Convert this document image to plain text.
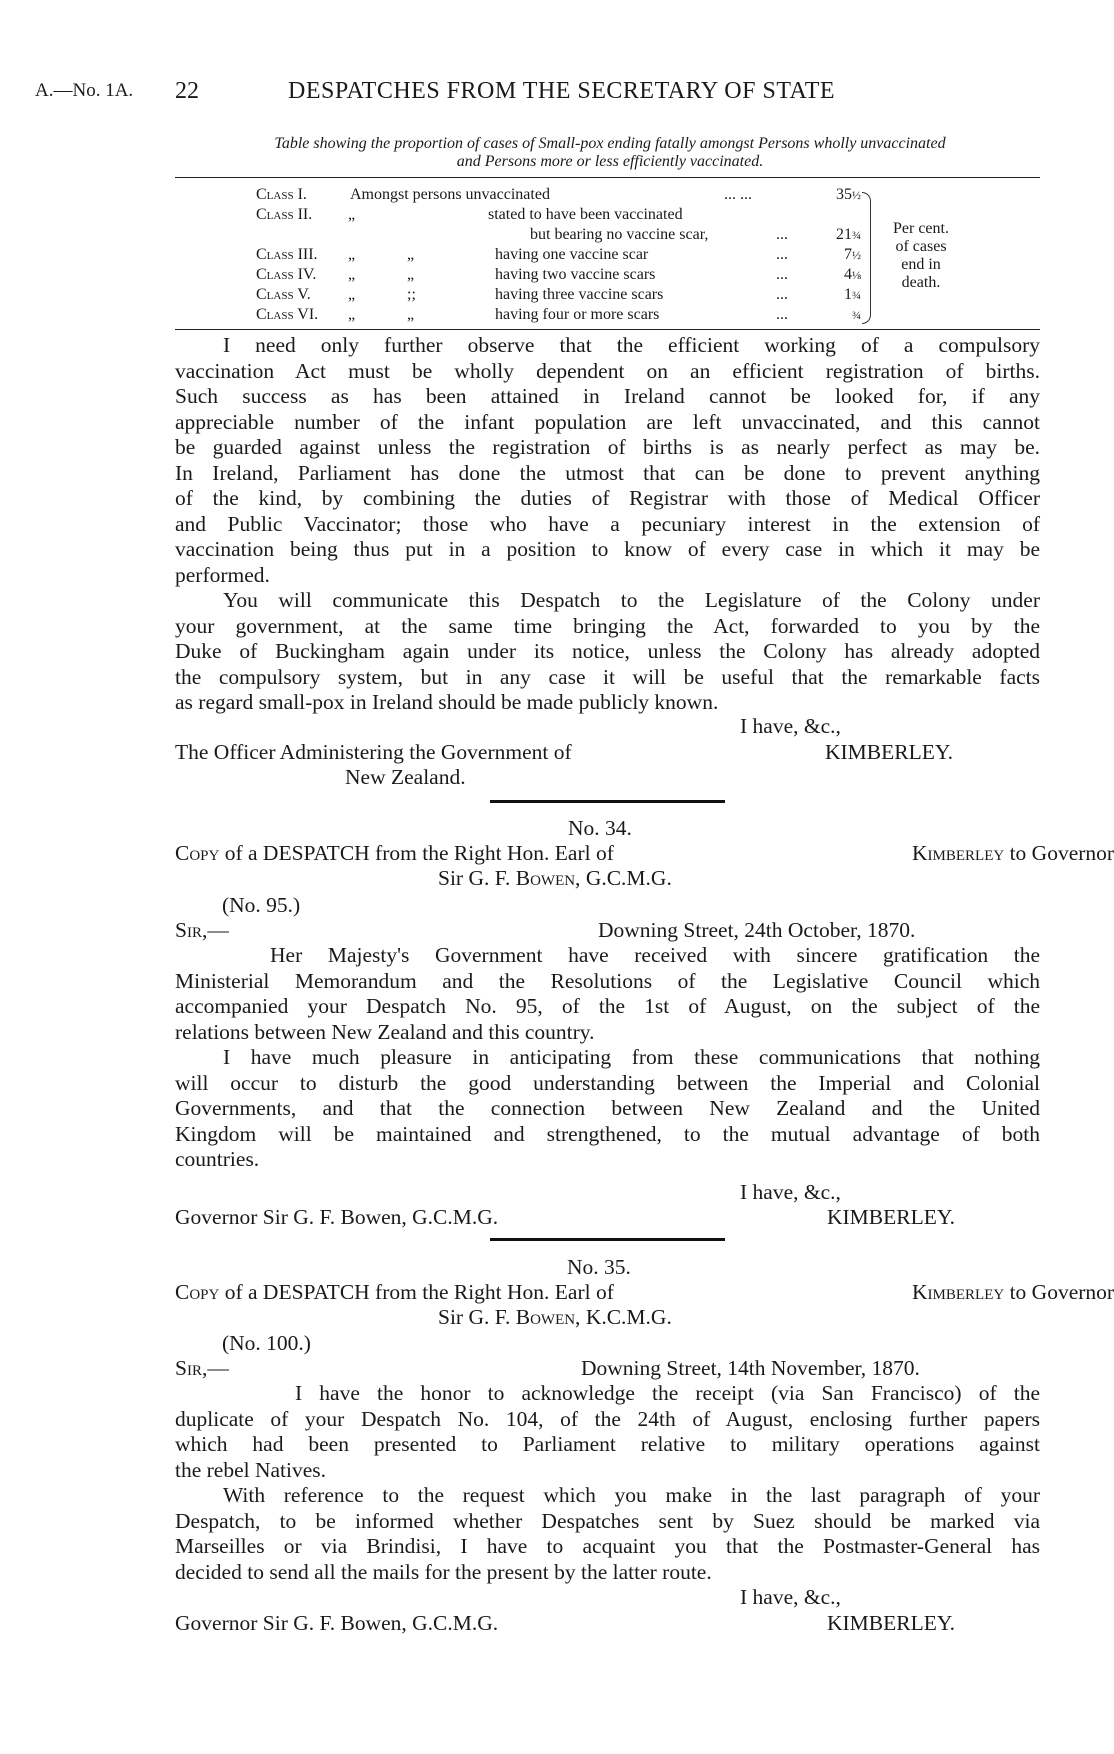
A.—No. 1A. 22	DESPATCHES FROM THE SECRETARY OF STATE
Table showing the proportion of cases of Small-pox ending fatally amongst Persons wholly unvaccinated
and Persons more or less efficiently vaccinated.
Class I.	Amongst persons unvaccinated	... ...	35½
Class II. „	stated to have been vaccinated
but bearing no vaccine scar,	...	21¾
Class III. „	„	having one vaccine scar	...	7½
Class IV. „	„	having two vaccine scars	...	4⅛
Class V. „	;;	having three vaccine scars	...	1¾
Class VI. „	„	having four or more scars	...	¾
Per cent.
of cases
end in
death.
I need only further observe that the efficient working of a compulsory
vaccination Act must be wholly dependent on an efficient registration of births.
Such success as has been attained in Ireland cannot be looked for, if any
appreciable number of the infant population are left unvaccinated, and this cannot
be guarded against unless the registration of births is as nearly perfect as may be.
In Ireland, Parliament has done the utmost that can be done to prevent anything
of the kind, by combining the duties of Registrar with those of Medical Officer
and Public Vaccinator; those who have a pecuniary interest in the extension of
vaccination being thus put in a position to know of every case in which it may be
performed.
You will communicate this Despatch to the Legislature of the Colony under
your government, at the same time bringing the Act, forwarded to you by the
Duke of Buckingham again under its notice, unless the Colony has already adopted
the compulsory system, but in any case it will be useful that the remarkable facts
as regard small-pox in Ireland should be made publicly known.
I have, &c.,
The Officer Administering the Government of	KIMBERLEY.
New Zealand.
No. 34.
Copy of a DESPATCH from the Right Hon. Earl of	Kimberley to Governor
Sir G. F. Bowen, G.C.M.G.
(No. 95.)
Sir,—	Downing Street, 24th October, 1870.
Her Majesty's Government have received with sincere gratification the
Ministerial Memorandum and the Resolutions of the Legislative Council which
accompanied your Despatch No. 95, of the 1st of August, on the subject of the
relations between New Zealand and this country.
I have much pleasure in anticipating from these communications that nothing
will occur to disturb the good understanding between the Imperial and Colonial
Governments, and that the connection between New Zealand and the United
Kingdom will be maintained and strengthened, to the mutual advantage of both
countries.
I have, &c.,
Governor Sir G. F. Bowen, G.C.M.G.	KIMBERLEY.
No. 35.
Copy of a DESPATCH from the Right Hon. Earl of	Kimberley to Governor
Sir G. F. Bowen, K.C.M.G.
(No. 100.)
Sir,—	Downing Street, 14th November, 1870.
I have the honor to acknowledge the receipt (via San Francisco) of the
duplicate of your Despatch No. 104, of the 24th of August, enclosing further papers
which had been presented to Parliament relative to military operations against
the rebel Natives.
With reference to the request which you make in the last paragraph of your
Despatch, to be informed whether Despatches sent by Suez should be marked via
Marseilles or via Brindisi, I have to acquaint you that the Postmaster-General has
decided to send all the mails for the present by the latter route.
I have, &c.,
Governor Sir G. F. Bowen, G.C.M.G.	KIMBERLEY.
